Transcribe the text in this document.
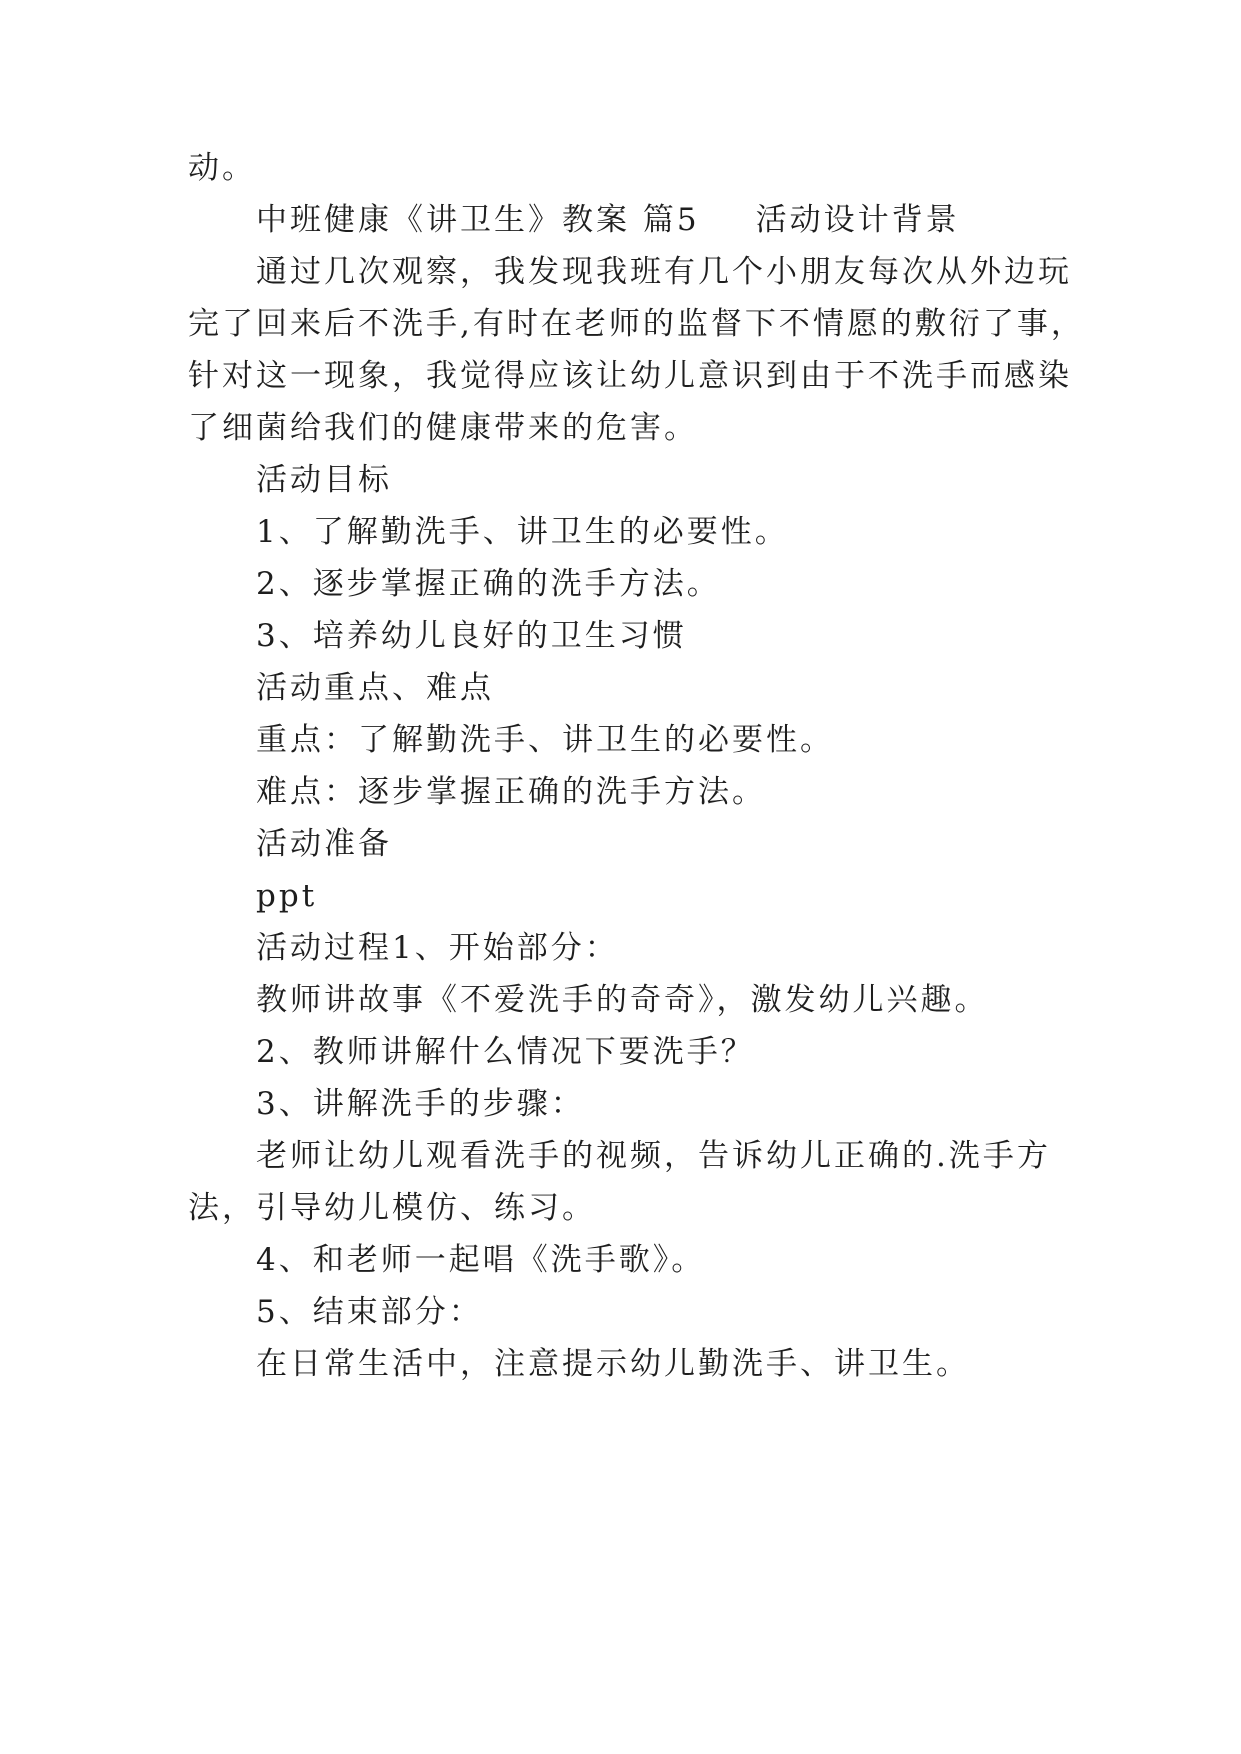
动。
中班健康《讲卫生》教案 篇5 活动设计背景
通过几次观察，我发现我班有几个小朋友每次从外边玩
完了回来后不洗手,有时在老师的监督下不情愿的敷衍了事，
针对这一现象，我觉得应该让幼儿意识到由于不洗手而感染
了细菌给我们的健康带来的危害。
活动目标
1、了解勤洗手、讲卫生的必要性。
2、逐步掌握正确的洗手方法。
3、培养幼儿良好的卫生习惯
活动重点、难点
重点：了解勤洗手、讲卫生的必要性。
难点：逐步掌握正确的洗手方法。
活动准备
ppt
活动过程1、开始部分：
教师讲故事《不爱洗手的奇奇》，激发幼儿兴趣。
2、教师讲解什么情况下要洗手？
3、讲解洗手的步骤：
老师让幼儿观看洗手的视频，告诉幼儿正确的.洗手方
法，引导幼儿模仿、练习。
4、和老师一起唱《洗手歌》。
5、结束部分：
在日常生活中，注意提示幼儿勤洗手、讲卫生。
